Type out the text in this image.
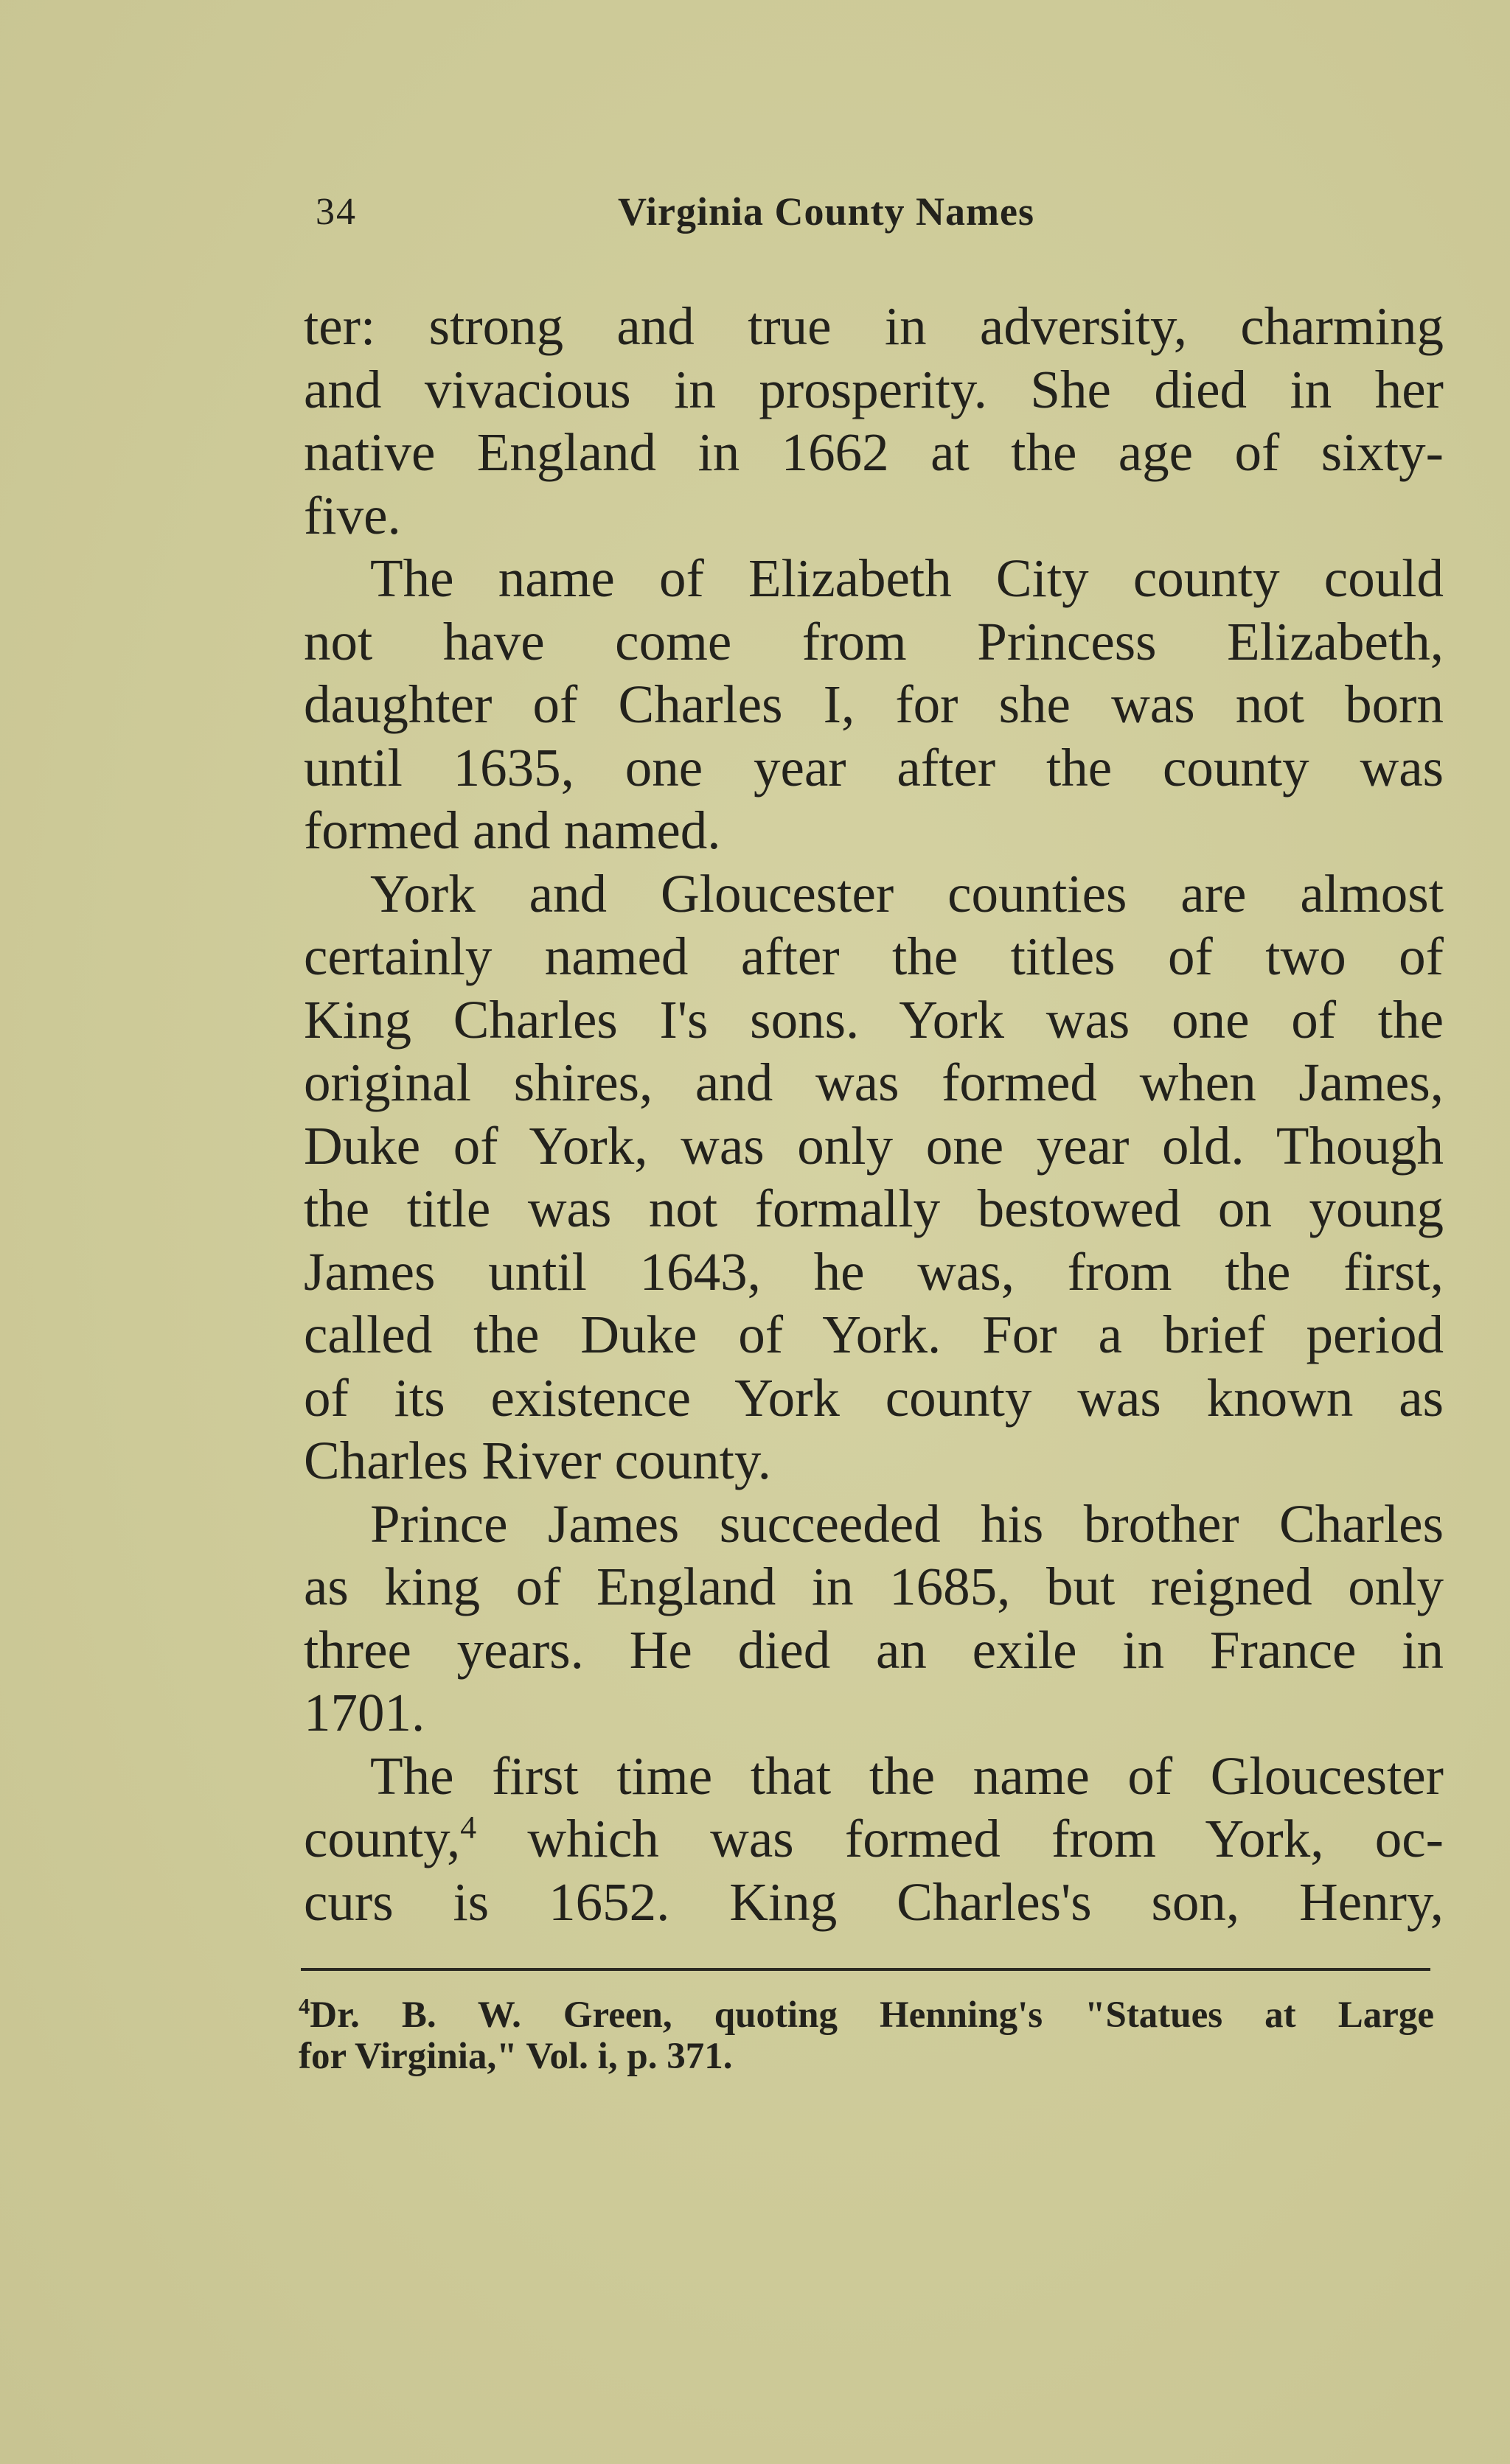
34	Virginia County Names
ter: strong and true in adversity, charming
and vivacious in prosperity. She died in her
native England in 1662 at the age of sixty-
five.
The name of Elizabeth City county could
not have come from Princess Elizabeth,
daughter of Charles I, for she was not born
until 1635, one year after the county was
formed and named.
York and Gloucester counties are almost
certainly named after the titles of two of
King Charles I's sons. York was one of the
original shires, and was formed when James,
Duke of York, was only one year old. Though
the title was not formally bestowed on young
James until 1643, he was, from the first,
called the Duke of York. For a brief period
of its existence York county was known as
Charles River county.
Prince James succeeded his brother Charles
as king of England in 1685, but reigned only
three years. He died an exile in France in
1701.
The first time that the name of Gloucester
county,$^4$ which was formed from York, oc-
curs is 1652. King Charles's son, Henry,
$^4$Dr. B. W. Green, quoting Henning's "Statues at Large
for Virginia," Vol. i, p. 371.
